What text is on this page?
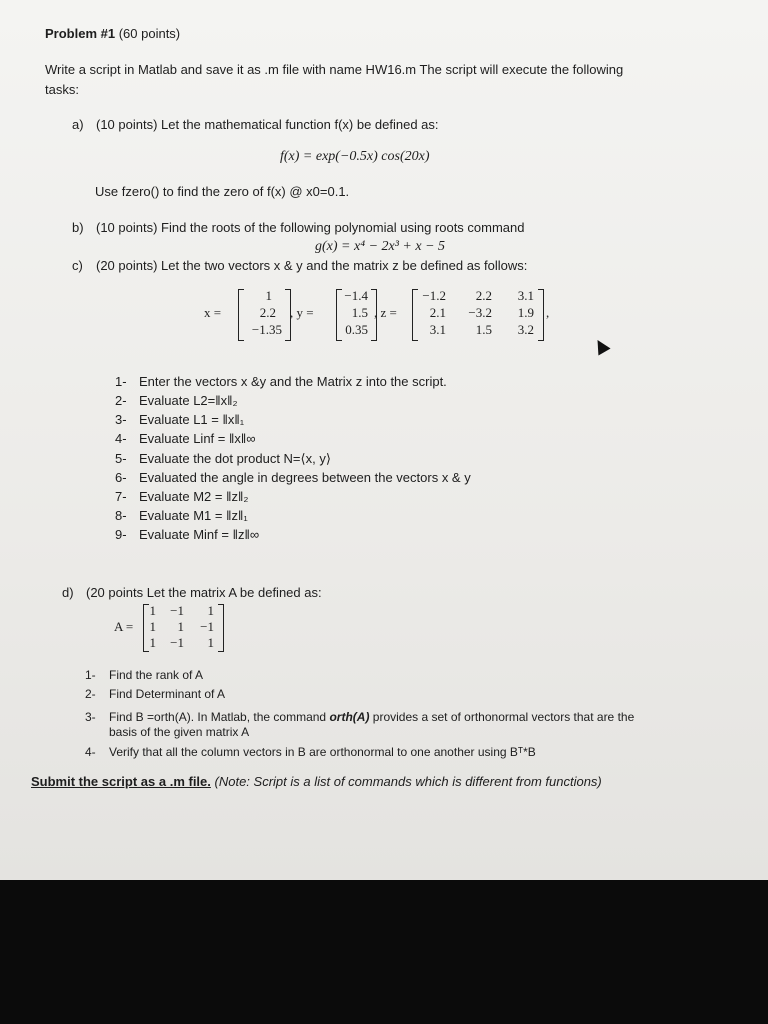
Problem #1 (60 points)
Write a script in Matlab and save it as .m file with name HW16.m The script will execute the following
tasks:
a) (10 points) Let the mathematical function f(x) be defined as:
f(x) = exp(−0.5x) cos(20x)
Use fzero() to find the zero of f(x) @ x0=0.1.
b) (10 points) Find the roots of the following polynomial using roots command
g(x) = x⁴ − 2x³ + x − 5
c) (20 points) Let the two vectors x & y and the matrix z be defined as follows:
x =
1
2.2
−1.35
, y =
−1.4
1.5
0.35
, z =
−1.2	2.2	3.1
2.1	−3.2	1.9
3.1	1.5	3.2
,
1- Enter the vectors x &y and the Matrix z into the script.
2- Evaluate L2=‖x‖₂
3- Evaluate L1 = ‖x‖₁
4- Evaluate Linf = ‖x‖∞
5- Evaluate the dot product N=⟨x, y⟩
6- Evaluated the angle in degrees between the vectors x & y
7- Evaluate M2 = ‖z‖₂
8- Evaluate M1 = ‖z‖₁
9- Evaluate Minf = ‖z‖∞
d) (20 points Let the matrix A be defined as:
A =
1	−1	1
1	1	−1
1	−1	1
1- Find the rank of A
2- Find Determinant of A
3- Find B =orth(A). In Matlab, the command orth(A) provides a set of orthonormal vectors that are the
basis of the given matrix A
4- Verify that all the column vectors in B are orthonormal to one another using Bᵀ*B
Submit the script as a .m file. (Note: Script is a list of commands which is different from functions)
